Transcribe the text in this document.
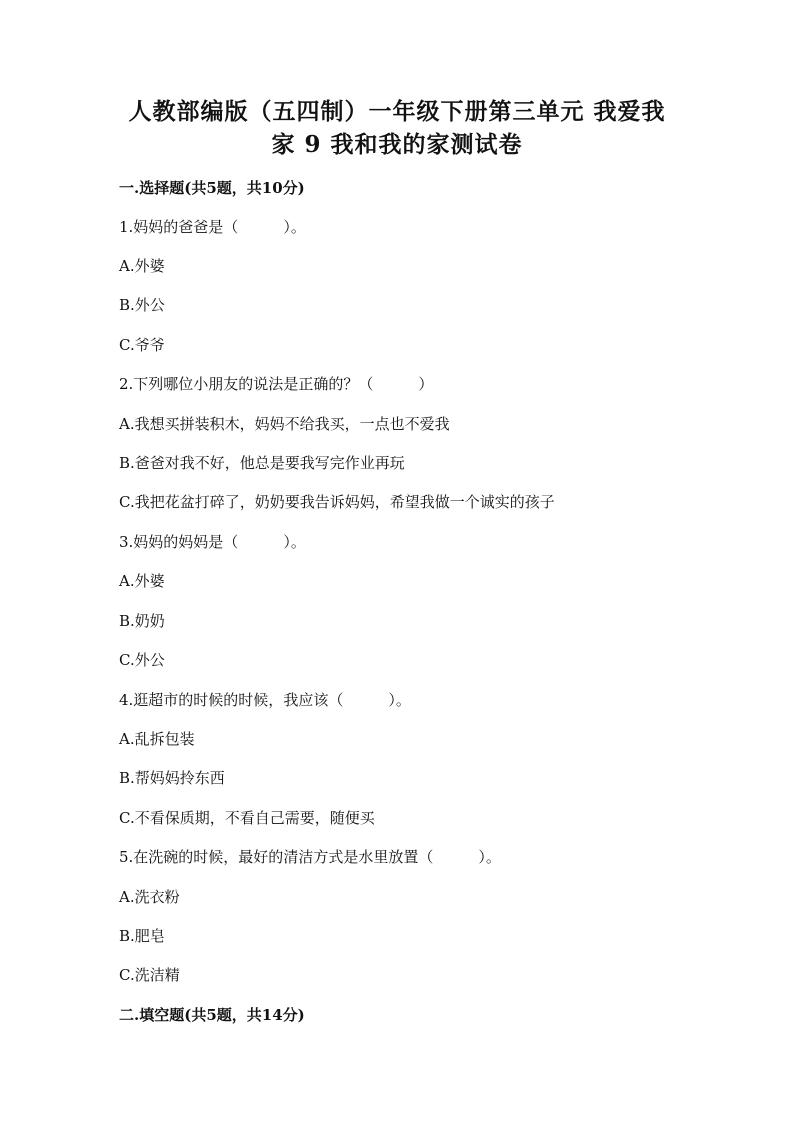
人教部编版（五四制）一年级下册第三单元 我爱我
家 9 我和我的家测试卷

一.选择题(共5题，共10分)

1.妈妈的爸爸是（　　　）。

A.外婆

B.外公

C.爷爷

2.下列哪位小朋友的说法是正确的？（　　　）

A.我想买拼装积木，妈妈不给我买，一点也不爱我

B.爸爸对我不好，他总是要我写完作业再玩

C.我把花盆打碎了，奶奶要我告诉妈妈，希望我做一个诚实的孩子

3.妈妈的妈妈是（　　　）。

A.外婆

B.奶奶

C.外公

4.逛超市的时候的时候，我应该（　　　）。

A.乱拆包装

B.帮妈妈拎东西

C.不看保质期，不看自己需要，随便买

5.在洗碗的时候，最好的清洁方式是水里放置（　　　）。

A.洗衣粉

B.肥皂

C.洗洁精

二.填空题(共5题，共14分)
